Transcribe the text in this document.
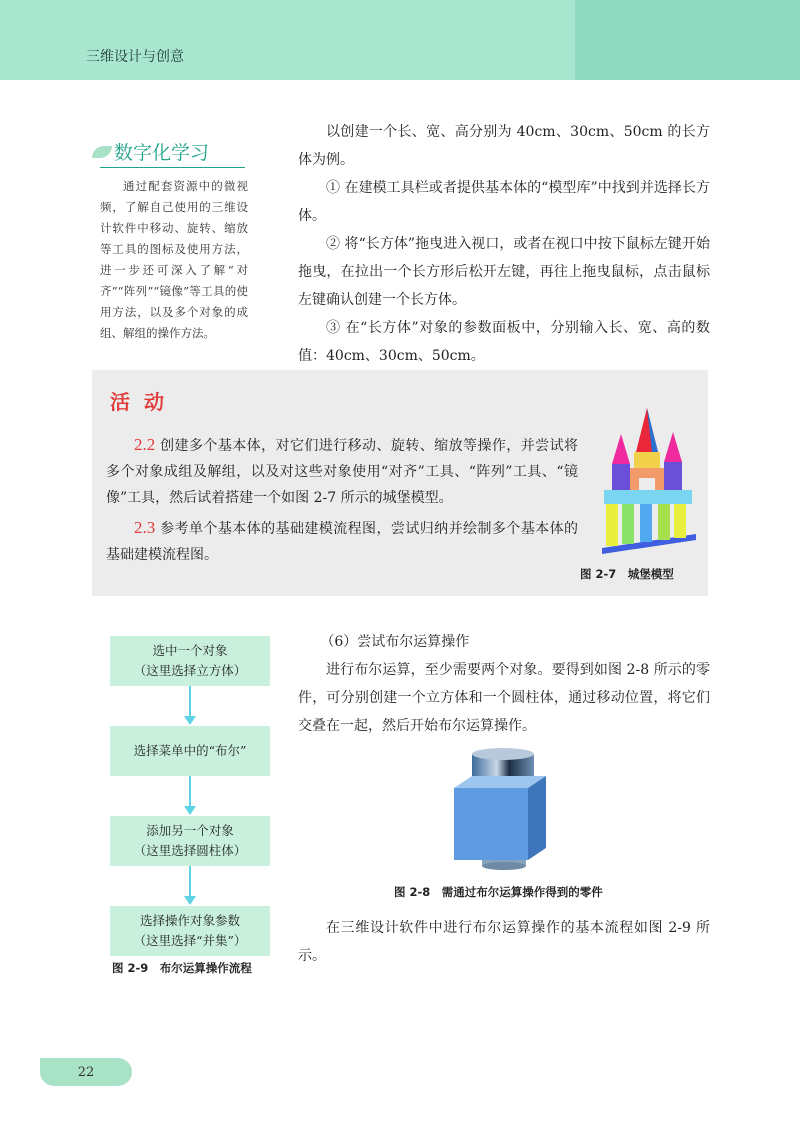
三维设计与创意
数字化学习
通过配套资源中的微视频，了解自己使用的三维设计软件中移动、旋转、缩放等工具的图标及使用方法，进一步还可深入了解“对齐”“阵列”“镜像”等工具的使用方法，以及多个对象的成组、解组的操作方法。

以创建一个长、宽、高分别为 40cm、30cm、50cm 的长方体为例。

① 在建模工具栏或者提供基本体的“模型库”中找到并选择长方体。

② 将“长方体”拖曳进入视口，或者在视口中按下鼠标左键开始拖曳，在拉出一个长方形后松开左键，再往上拖曳鼠标，点击鼠标左键确认创建一个长方体。

③ 在“长方体”对象的参数面板中，分别输入长、宽、高的数值：40cm、30cm、50cm。

活动

2.2 创建多个基本体，对它们进行移动、旋转、缩放等操作，并尝试将多个对象成组及解组，以及对这些对象使用“对齐”工具、“阵列”工具、“镜像”工具，然后试着搭建一个如图 2-7 所示的城堡模型。

2.3 参考单个基本体的基础建模流程图，尝试归纳并绘制多个基本体的基础建模流程图。

图 2-7　城堡模型
选中一个对象
（这里选择立方体）
选择菜单中的“布尔”
添加另一个对象
（这里选择圆柱体）
选择操作对象参数
（这里选择“并集”）
图 2-9　布尔运算操作流程

（6）尝试布尔运算操作

进行布尔运算，至少需要两个对象。要得到如图 2-8 所示的零件，可分别创建一个立方体和一个圆柱体，通过移动位置，将它们交叠在一起，然后开始布尔运算操作。

图 2-8　需通过布尔运算操作得到的零件

在三维设计软件中进行布尔运算操作的基本流程如图 2-9 所示。

22
